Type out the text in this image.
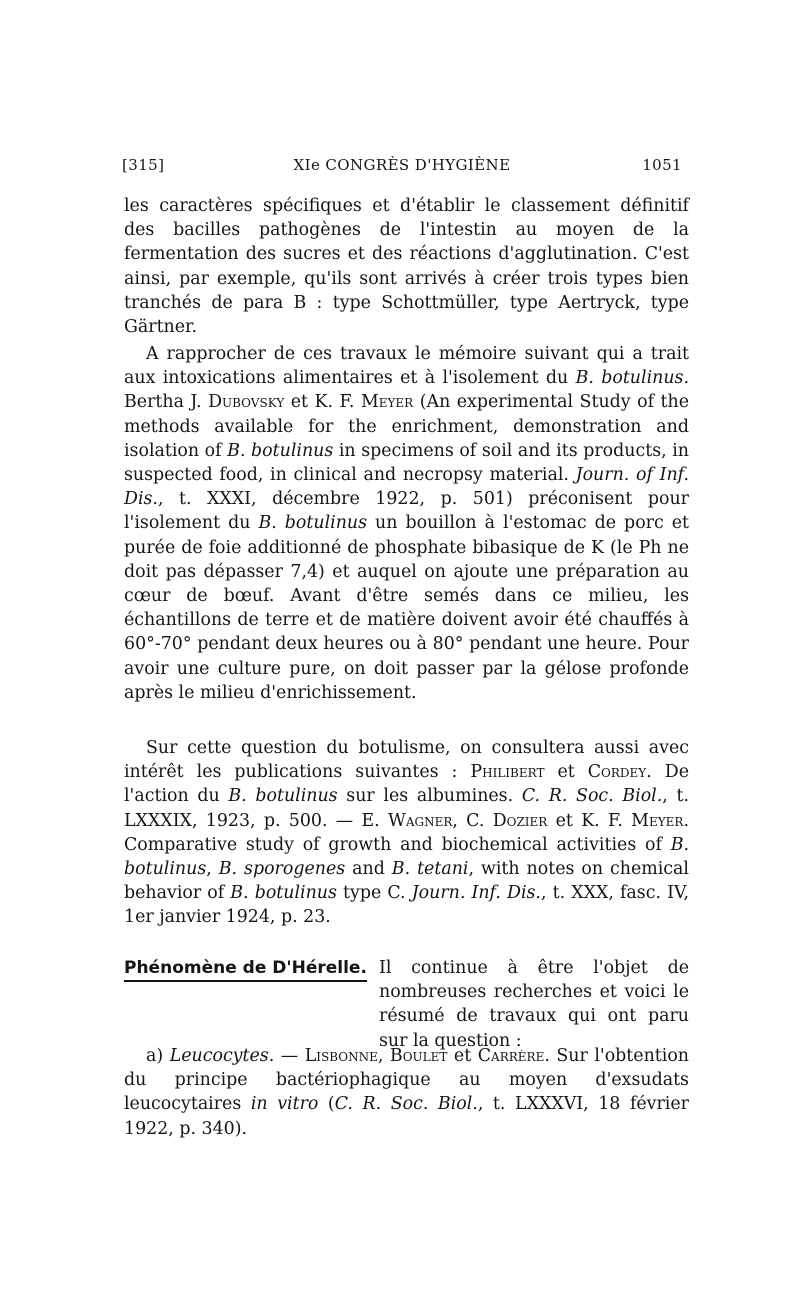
[315]	XIe CONGRÈS D'HYGIÈNE	1051

les caractères spécifiques et d'établir le classement définitif des bacilles pathogènes de l'intestin au moyen de la fermentation des sucres et des réactions d'agglutination. C'est ainsi, par exemple, qu'ils sont arrivés à créer trois types bien tranchés de para B : type Schottmüller, type Aertryck, type Gärtner.

A rapprocher de ces travaux le mémoire suivant qui a trait aux intoxications alimentaires et à l'isolement du B. botulinus. Bertha J. Dubovsky et K. F. Meyer (An experimental Study of the methods available for the enrichment, demonstration and isolation of B. botulinus in specimens of soil and its products, in suspected food, in clinical and necropsy material. Journ. of Inf. Dis., t. XXXI, décembre 1922, p. 501) préconisent pour l'isolement du B. botulinus un bouillon à l'estomac de porc et purée de foie additionné de phosphate bibasique de K (le Ph ne doit pas dépasser 7,4) et auquel on ajoute une préparation au cœur de bœuf. Avant d'être semés dans ce milieu, les échantillons de terre et de matière doivent avoir été chauffés à 60°-70° pendant deux heures ou à 80° pendant une heure. Pour avoir une culture pure, on doit passer par la gélose profonde après le milieu d'enrichissement.

Sur cette question du botulisme, on consultera aussi avec intérêt les publications suivantes : Philibert et Cordey. De l'action du B. botulinus sur les albumines. C. R. Soc. Biol., t. LXXXIX, 1923, p. 500. — E. Wagner, C. Dozier et K. F. Meyer. Comparative study of growth and biochemical activities of B. botulinus, B. sporogenes and B. tetani, with notes on chemical behavior of B. botulinus type C. Journ. Inf. Dis., t. XXX, fasc. IV, 1er janvier 1924, p. 23.

Phénomène de D'Hérelle. Il continue à être l'objet de nombreuses recherches et voici le résumé de travaux qui ont paru sur la question :

a) Leucocytes. — Lisbonne, Boulet et Carrère. Sur l'obtention du principe bactériophagique au moyen d'exsudats leucocytaires in vitro (C. R. Soc. Biol., t. LXXXVI, 18 février 1922, p. 340).
